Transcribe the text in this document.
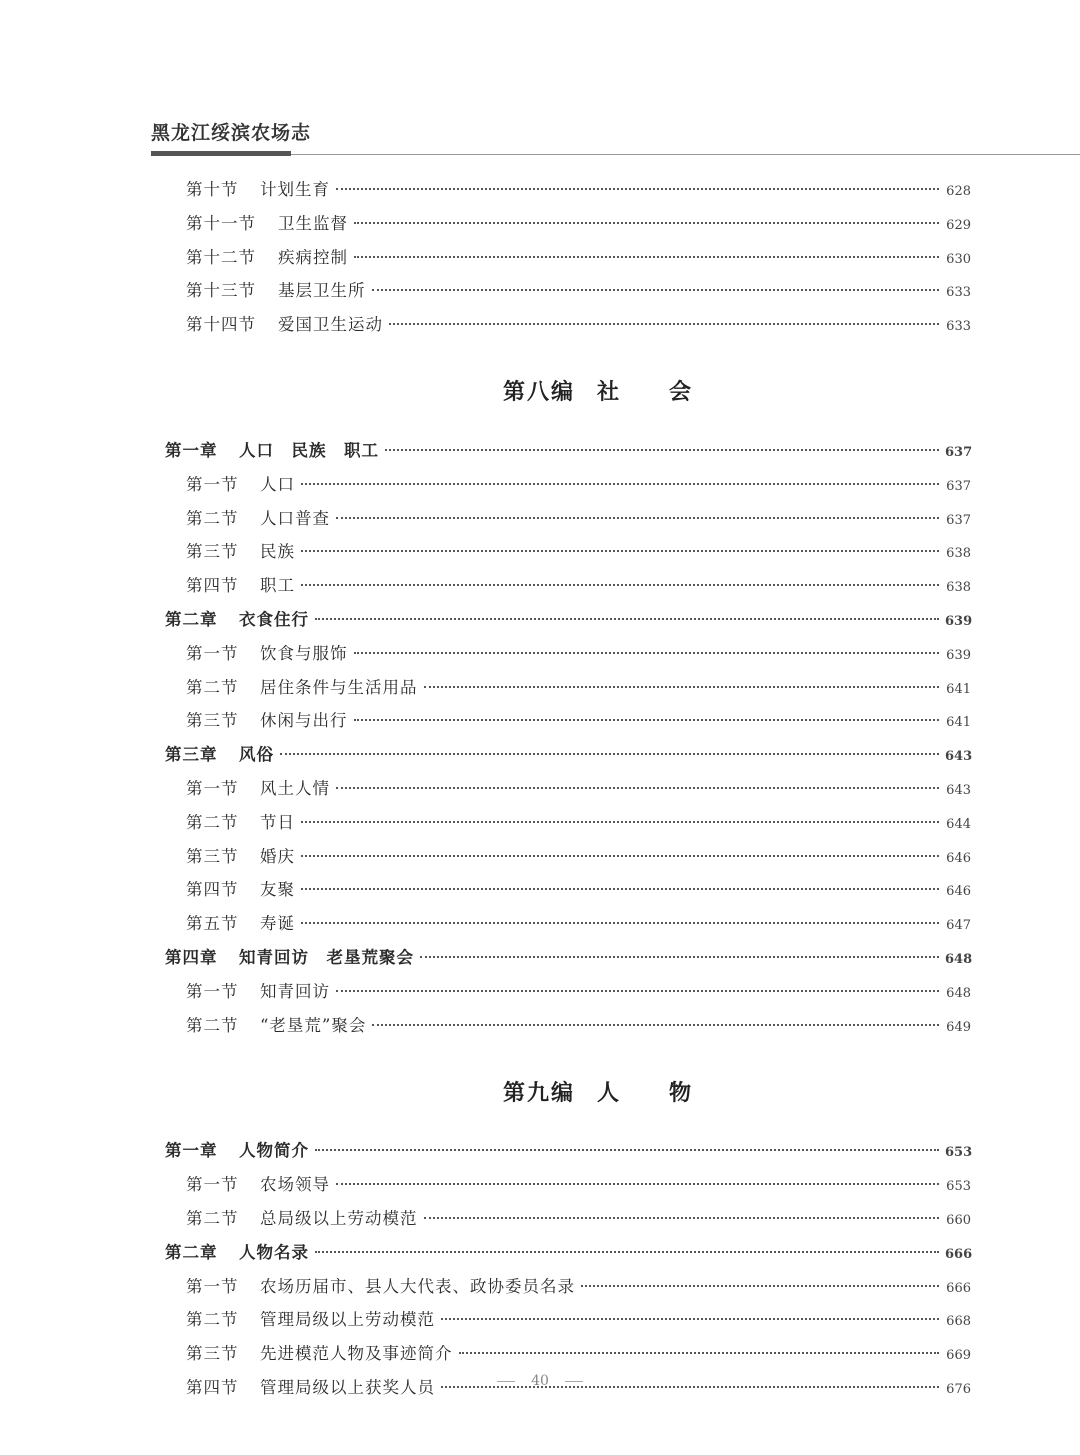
黑龙江绥滨农场志
第十节 计划生育	628
第十一节 卫生监督	629
第十二节 疾病控制	630
第十三节 基层卫生所	633
第十四节 爱国卫生运动	633
第八编 社　　会
第一章 人口　民族　职工	637
第一节 人口	637
第二节 人口普查	637
第三节 民族	638
第四节 职工	638
第二章 衣食住行	639
第一节 饮食与服饰	639
第二节 居住条件与生活用品	641
第三节 休闲与出行	641
第三章 风俗	643
第一节 风土人情	643
第二节 节日	644
第三节 婚庆	646
第四节 友聚	646
第五节 寿诞	647
第四章 知青回访　老垦荒聚会	648
第一节 知青回访	648
第二节 “老垦荒”聚会	649
第九编 人　　物
第一章 人物简介	653
第一节 农场领导	653
第二节 总局级以上劳动模范	660
第二章 人物名录	666
第一节 农场历届市、县人大代表、政协委员名录	666
第二节 管理局级以上劳动模范	668
第三节 先进模范人物及事迹简介	669
第四节 管理局级以上获奖人员	676
40
